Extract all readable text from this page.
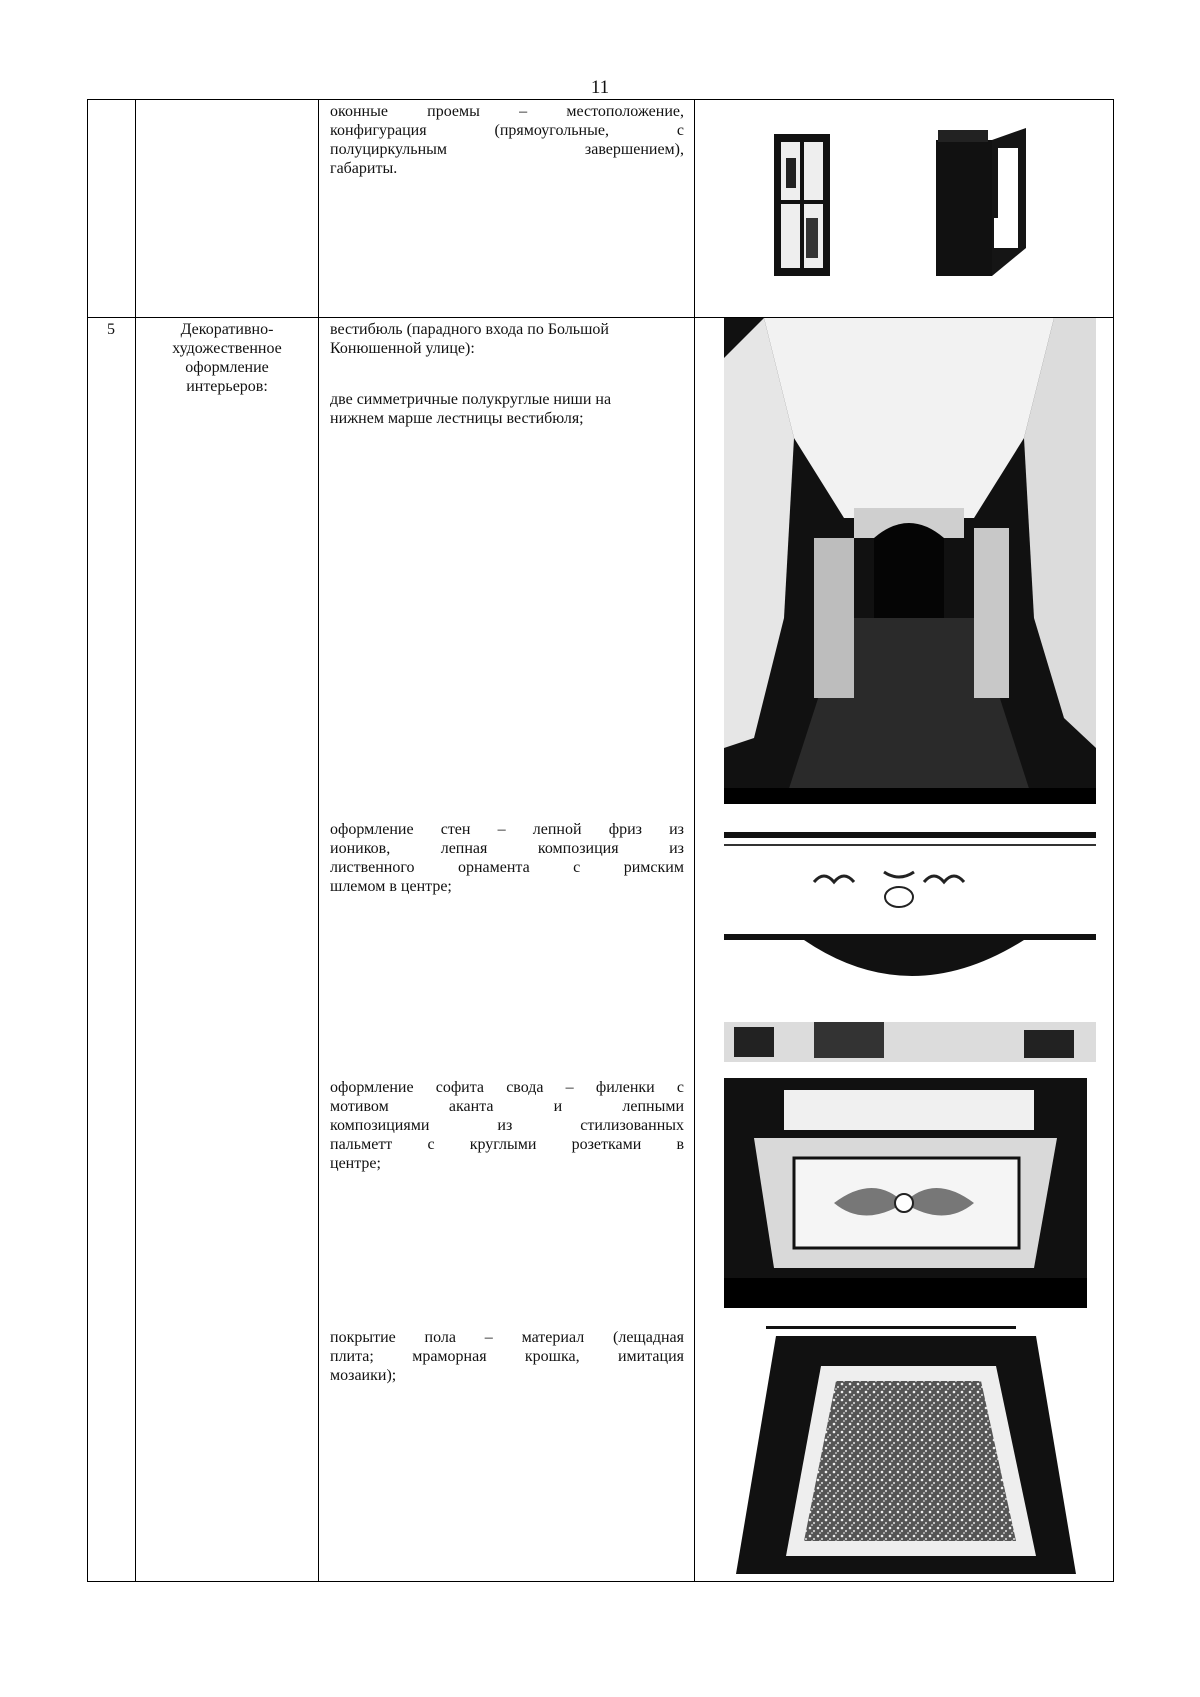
11
оконные проемы – местоположение,
конфигурация (прямоугольные, с
полуциркульным завершением),
габариты.
5	Декоративно-
художественное
оформление
интерьеров:
вестибюль (парадного входа по Большой
Конюшенной улице):
две симметричные полукруглые ниши на
нижнем марше лестницы вестибюля;
оформление стен – лепной фриз из
иоников, лепная композиция из
лиственного орнамента с римским
шлемом в центре;
оформление софита свода – филенки с
мотивом аканта и лепными
композициями из стилизованных
пальметт с круглыми розетками в
центре;
покрытие пола – материал (лещадная
плита; мраморная крошка, имитация
мозаики);
